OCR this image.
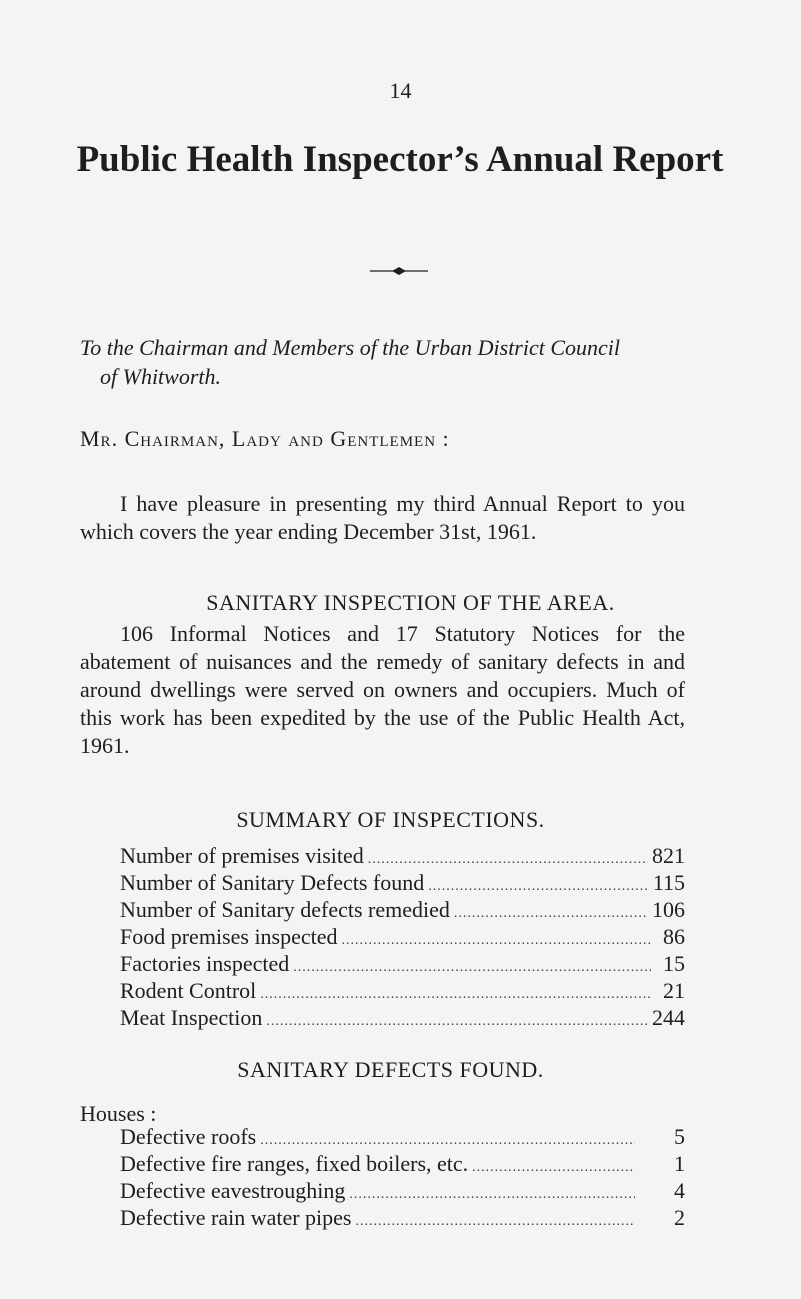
14
Public Health Inspector’s Annual Report
To the Chairman and Members of the Urban District Council
of Whitworth.
Mr. Chairman, Lady and Gentlemen :

I have pleasure in presenting my third Annual Report to you which covers the year ending December 31st, 1961.

SANITARY INSPECTION OF THE AREA.

106 Informal Notices and 17 Statutory Notices for the abatement of nuisances and the remedy of sanitary defects in and around dwellings were served on owners and occupiers. Much of this work has been expedited by the use of the Public Health Act, 1961.

SUMMARY OF INSPECTIONS.
Number of premises visited .....	821
Number of Sanitary Defects found .....	115
Number of Sanitary defects remedied .....	106
Food premises inspected .....	86
Factories inspected .....	15
Rodent Control .....	21
Meat Inspection .....	244
SANITARY DEFECTS FOUND.
Houses :
Defective roofs .....	5
Defective fire ranges, fixed boilers, etc. .....	1
Defective eavestroughing .....	4
Defective rain water pipes .....	2
